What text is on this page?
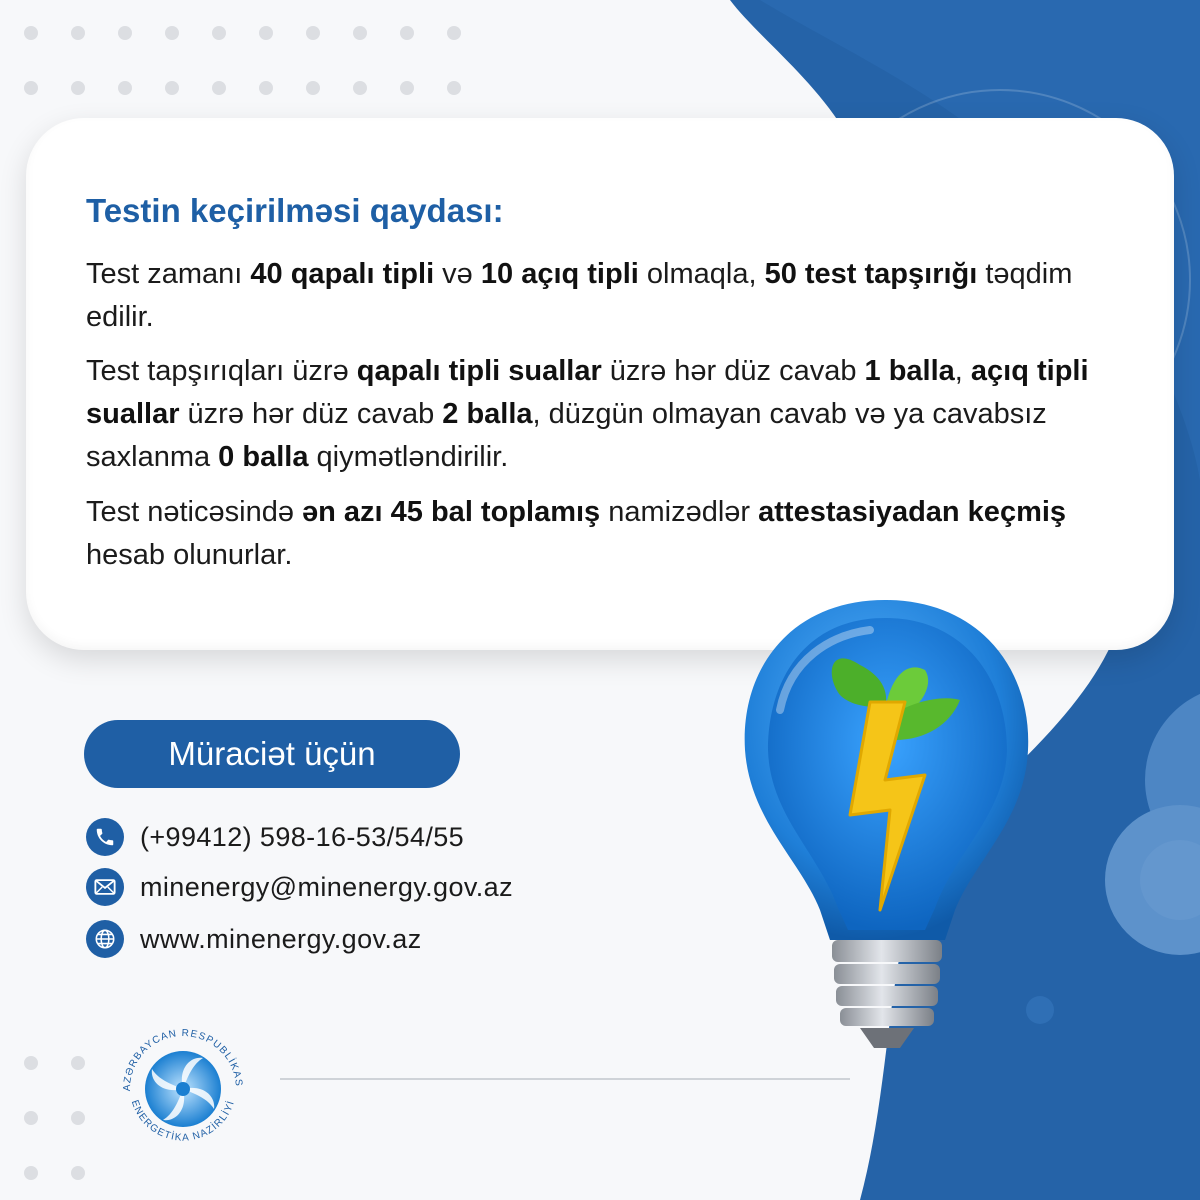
Testin keçirilməsi qaydası:

Test zamanı 40 qapalı tipli və 10 açıq tipli olmaqla, 50 test tapşırığı təqdim edilir.

Test tapşırıqları üzrə qapalı tipli suallar üzrə hər düz cavab 1 balla, açıq tipli suallar üzrə hər düz cavab 2 balla, düzgün olmayan cavab və ya cavabsız saxlanma 0 balla qiymətləndirilir.

Test nəticəsində ən azı 45 bal toplamış namizədlər attestasiyadan keçmiş hesab olunurlar.

Müraciət üçün
(+99412) 598-16-53/54/55
minenergy@minenergy.gov.az
www.minenergy.gov.az
AZƏRBAYCAN RESPUBLİKAS
ENERGETİKA NAZİRLİYİ
